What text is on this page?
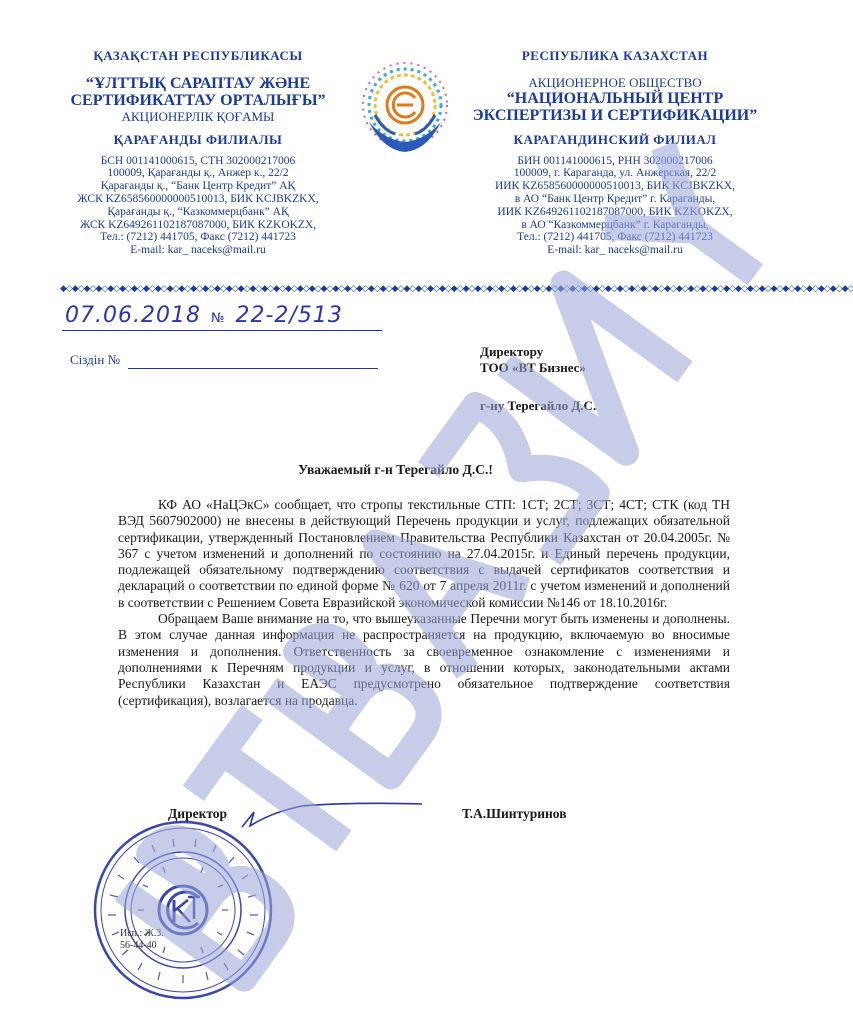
ҚАЗАҚСТАН РЕСПУБЛИКАСЫ
“ҰЛТТЫҚ САРАПТАУ ЖӘНЕ
СЕРТИФИКАТТАУ ОРТАЛЫҒЫ”
АКЦИОНЕРЛІК ҚОҒАМЫ
ҚАРАҒАНДЫ ФИЛИАЛЫ
БСН 001141000615, СТН 302000217006
100009, Қарағанды қ., Анжер к., 22/2
Қарағанды қ., “Банк Центр Кредит” АҚ
ЖСК KZ658560000000510013, БИК KCJBKZKX,
Қарағанды қ., “Казкоммерцбанк” АҚ
ЖСК KZ649261102187087000, БИК KZKOKZX,
Тел.: (7212) 441705, Факс (7212) 441723
E-mail: kar_ naceks@mail.ru
РЕСПУБЛИКА КАЗАХСТАН
АКЦИОНЕРНОЕ ОБЩЕСТВО
“НАЦИОНАЛЬНЫЙ ЦЕНТР
ЭКСПЕРТИЗЫ И СЕРТИФИКАЦИИ”
КАРАГАНДИНСКИЙ ФИЛИАЛ
БИН 001141000615, РНН 302000217006
100009, г. Караганда, ул. Анжерская, 22/2
ИИК KZ658560000000510013, БИК KCJBKZKX,
в АО “Банк Центр Кредит” г. Караганды,
ИИК KZ649261102187087000, БИК KZKOKZX,
в АО “Казкоммерцбанк” г. Караганды,
Тел.: (7212) 441705, Факс (7212) 441723
E-mail: kar_ naceks@mail.ru
◆◇◆◇◆◇◆◇◆◇◆◇◆◇◆◇◆◇◆◇◆◇◆◇◆◇◆◇◆◇◆◇◆◇◆◇◆◇◆◇◆◇◆◇◆◇◆◇◆◇◆◇◆◇◆◇◆◇◆◇◆◇◆◇◆◇◆◇◆◇◆◇◆◇◆◇◆◇◆◇◆◇◆◇◆◇◆◇◆◇◆◇◆◇◆◇◆◇◆◇◆◇◆◇◆◇◆◇◆◇◆◇◆◇◆◇◆◇◆◇◆◇◆◇◆◇◆◇◆◇◆◇◆◇
07.06.2018 № 22-2/513
Сіздін №
Директору
ТОО «ВТ Бизнес»
г-ну Терегайло Д.С.
Уважаемый г-н Терегайло Д.С.!

КФ АО «НаЦЭкС» сообщает, что стропы текстильные СТП: 1СТ; 2СТ; 3СТ; 4СТ; СТК (код ТН ВЭД 5607902000) не внесены в действующий Перечень продукции и услуг, подлежащих обязательной сертификации, утвержденный Постановлением Правительства Республики Казахстан от 20.04.2005г. № 367 с учетом изменений и дополнений по состоянию на 27.04.2015г. и Единый перечень продукции, подлежащей обязательному подтверждению соответствия с выдачей сертификатов соответствия и деклараций о соответствии по единой форме № 620 от 7 апреля 2011г. с учетом изменений и дополнений в соответствии с Решением Совета Евразийской экономической комиссии №146 от 18.10.2016г.

Обращаем Ваше внимание на то, что вышеуказанные Перечни могут быть изменены и дополнены. В этом случае данная информация не распространяется на продукцию, включаемую во вносимые изменения и дополнения. Ответственность за своевременное ознакомление с изменениями и дополнениями к Перечням продукции и услуг, в отношении которых, законодательными актами Республики Казахстан и ЕАЭС предусмотрено обязательное подтверждение соответствия (сертификация), возлагается на продавца.

Директор	Т.А.Шинтуринов
Исп.: Ж.З.
56-44-40
